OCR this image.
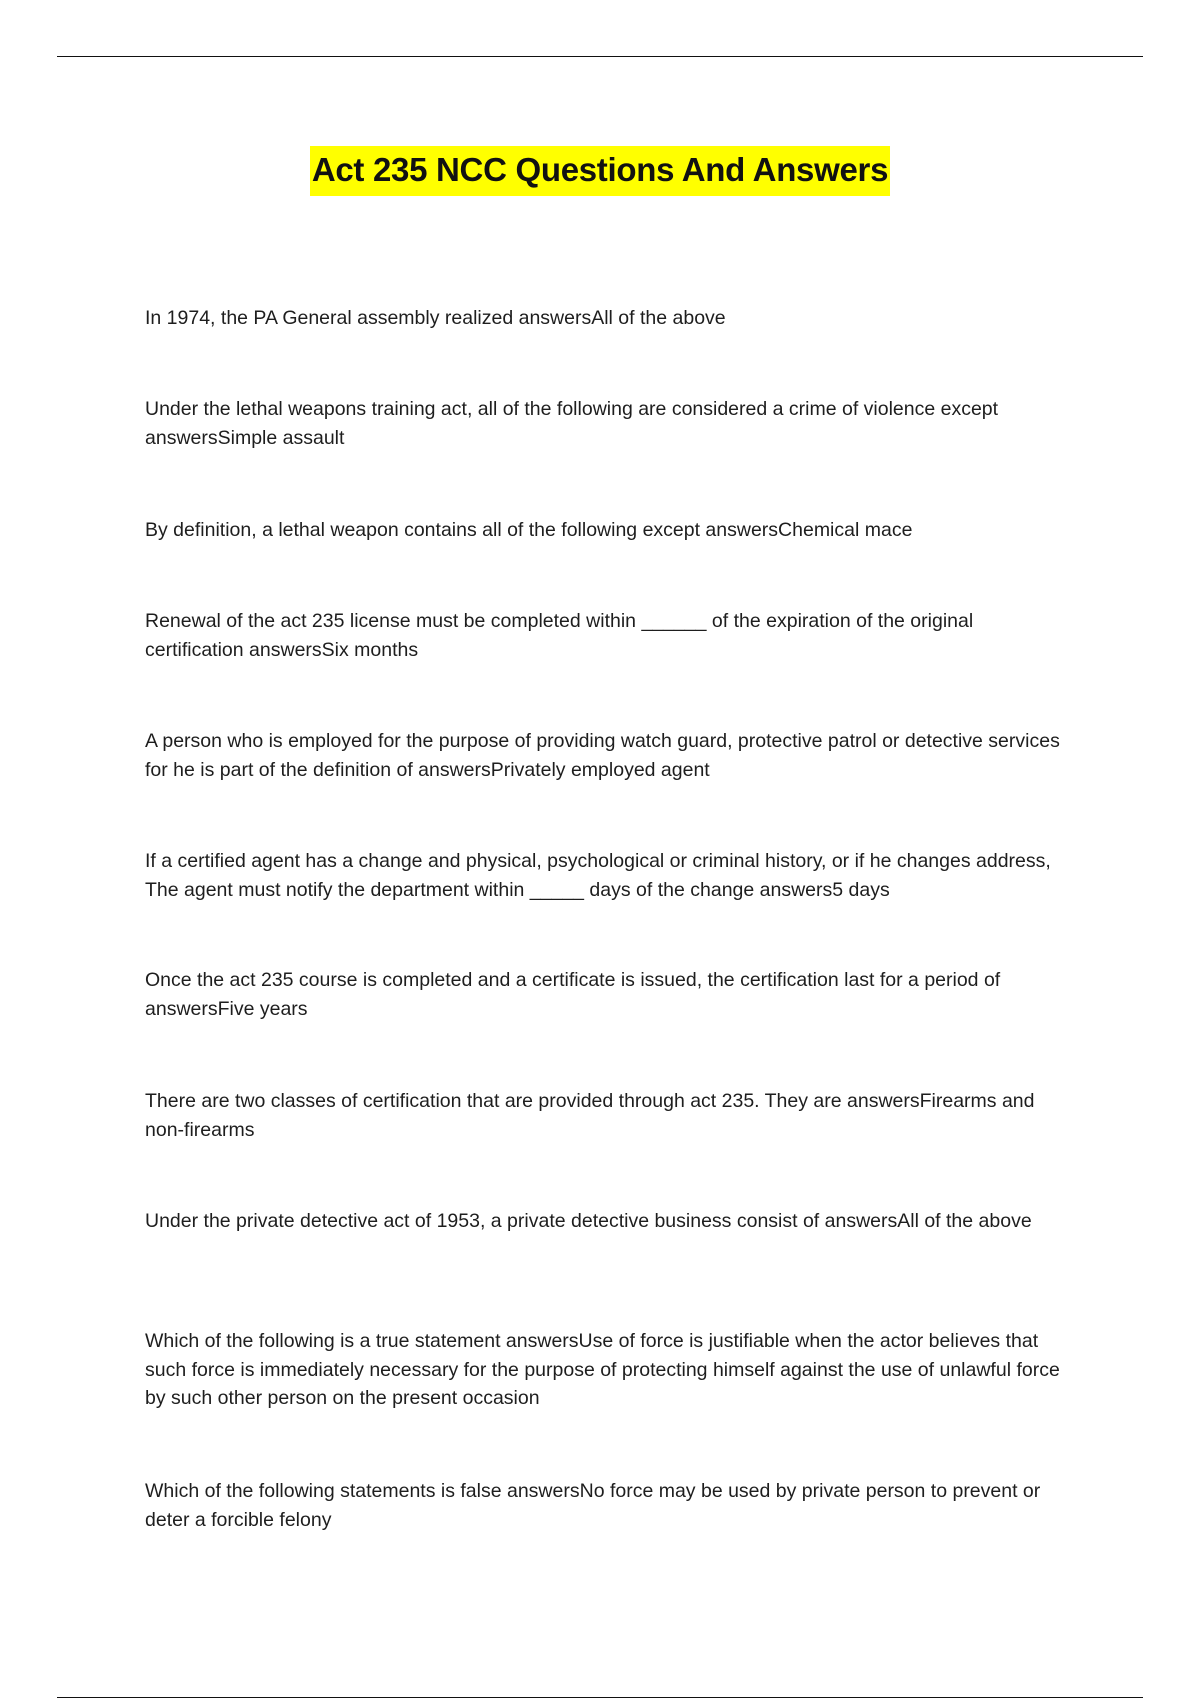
Act 235 NCC Questions And Answers
In 1974, the PA General assembly realized answersAll of the above
Under the lethal weapons training act, all of the following are considered a crime of violence except answersSimple assault
By definition, a lethal weapon contains all of the following except answersChemical mace
Renewal of the act 235 license must be completed within ______ of the expiration of the original certification answersSix months
A person who is employed for the purpose of providing watch guard, protective patrol or detective services for he is part of the definition of answersPrivately employed agent
If a certified agent has a change and physical, psychological or criminal history, or if he changes address, The agent must notify the department within _____ days of the change answers5 days
Once the act 235 course is completed and a certificate is issued, the certification last for a period of answersFive years
There are two classes of certification that are provided through act 235. They are answersFirearms and non-firearms
Under the private detective act of 1953, a private detective business consist of answersAll of the above
Which of the following is a true statement answersUse of force is justifiable when the actor believes that such force is immediately necessary for the purpose of protecting himself against the use of unlawful force by such other person on the present occasion
Which of the following statements is false answersNo force may be used by private person to prevent or deter a forcible felony
